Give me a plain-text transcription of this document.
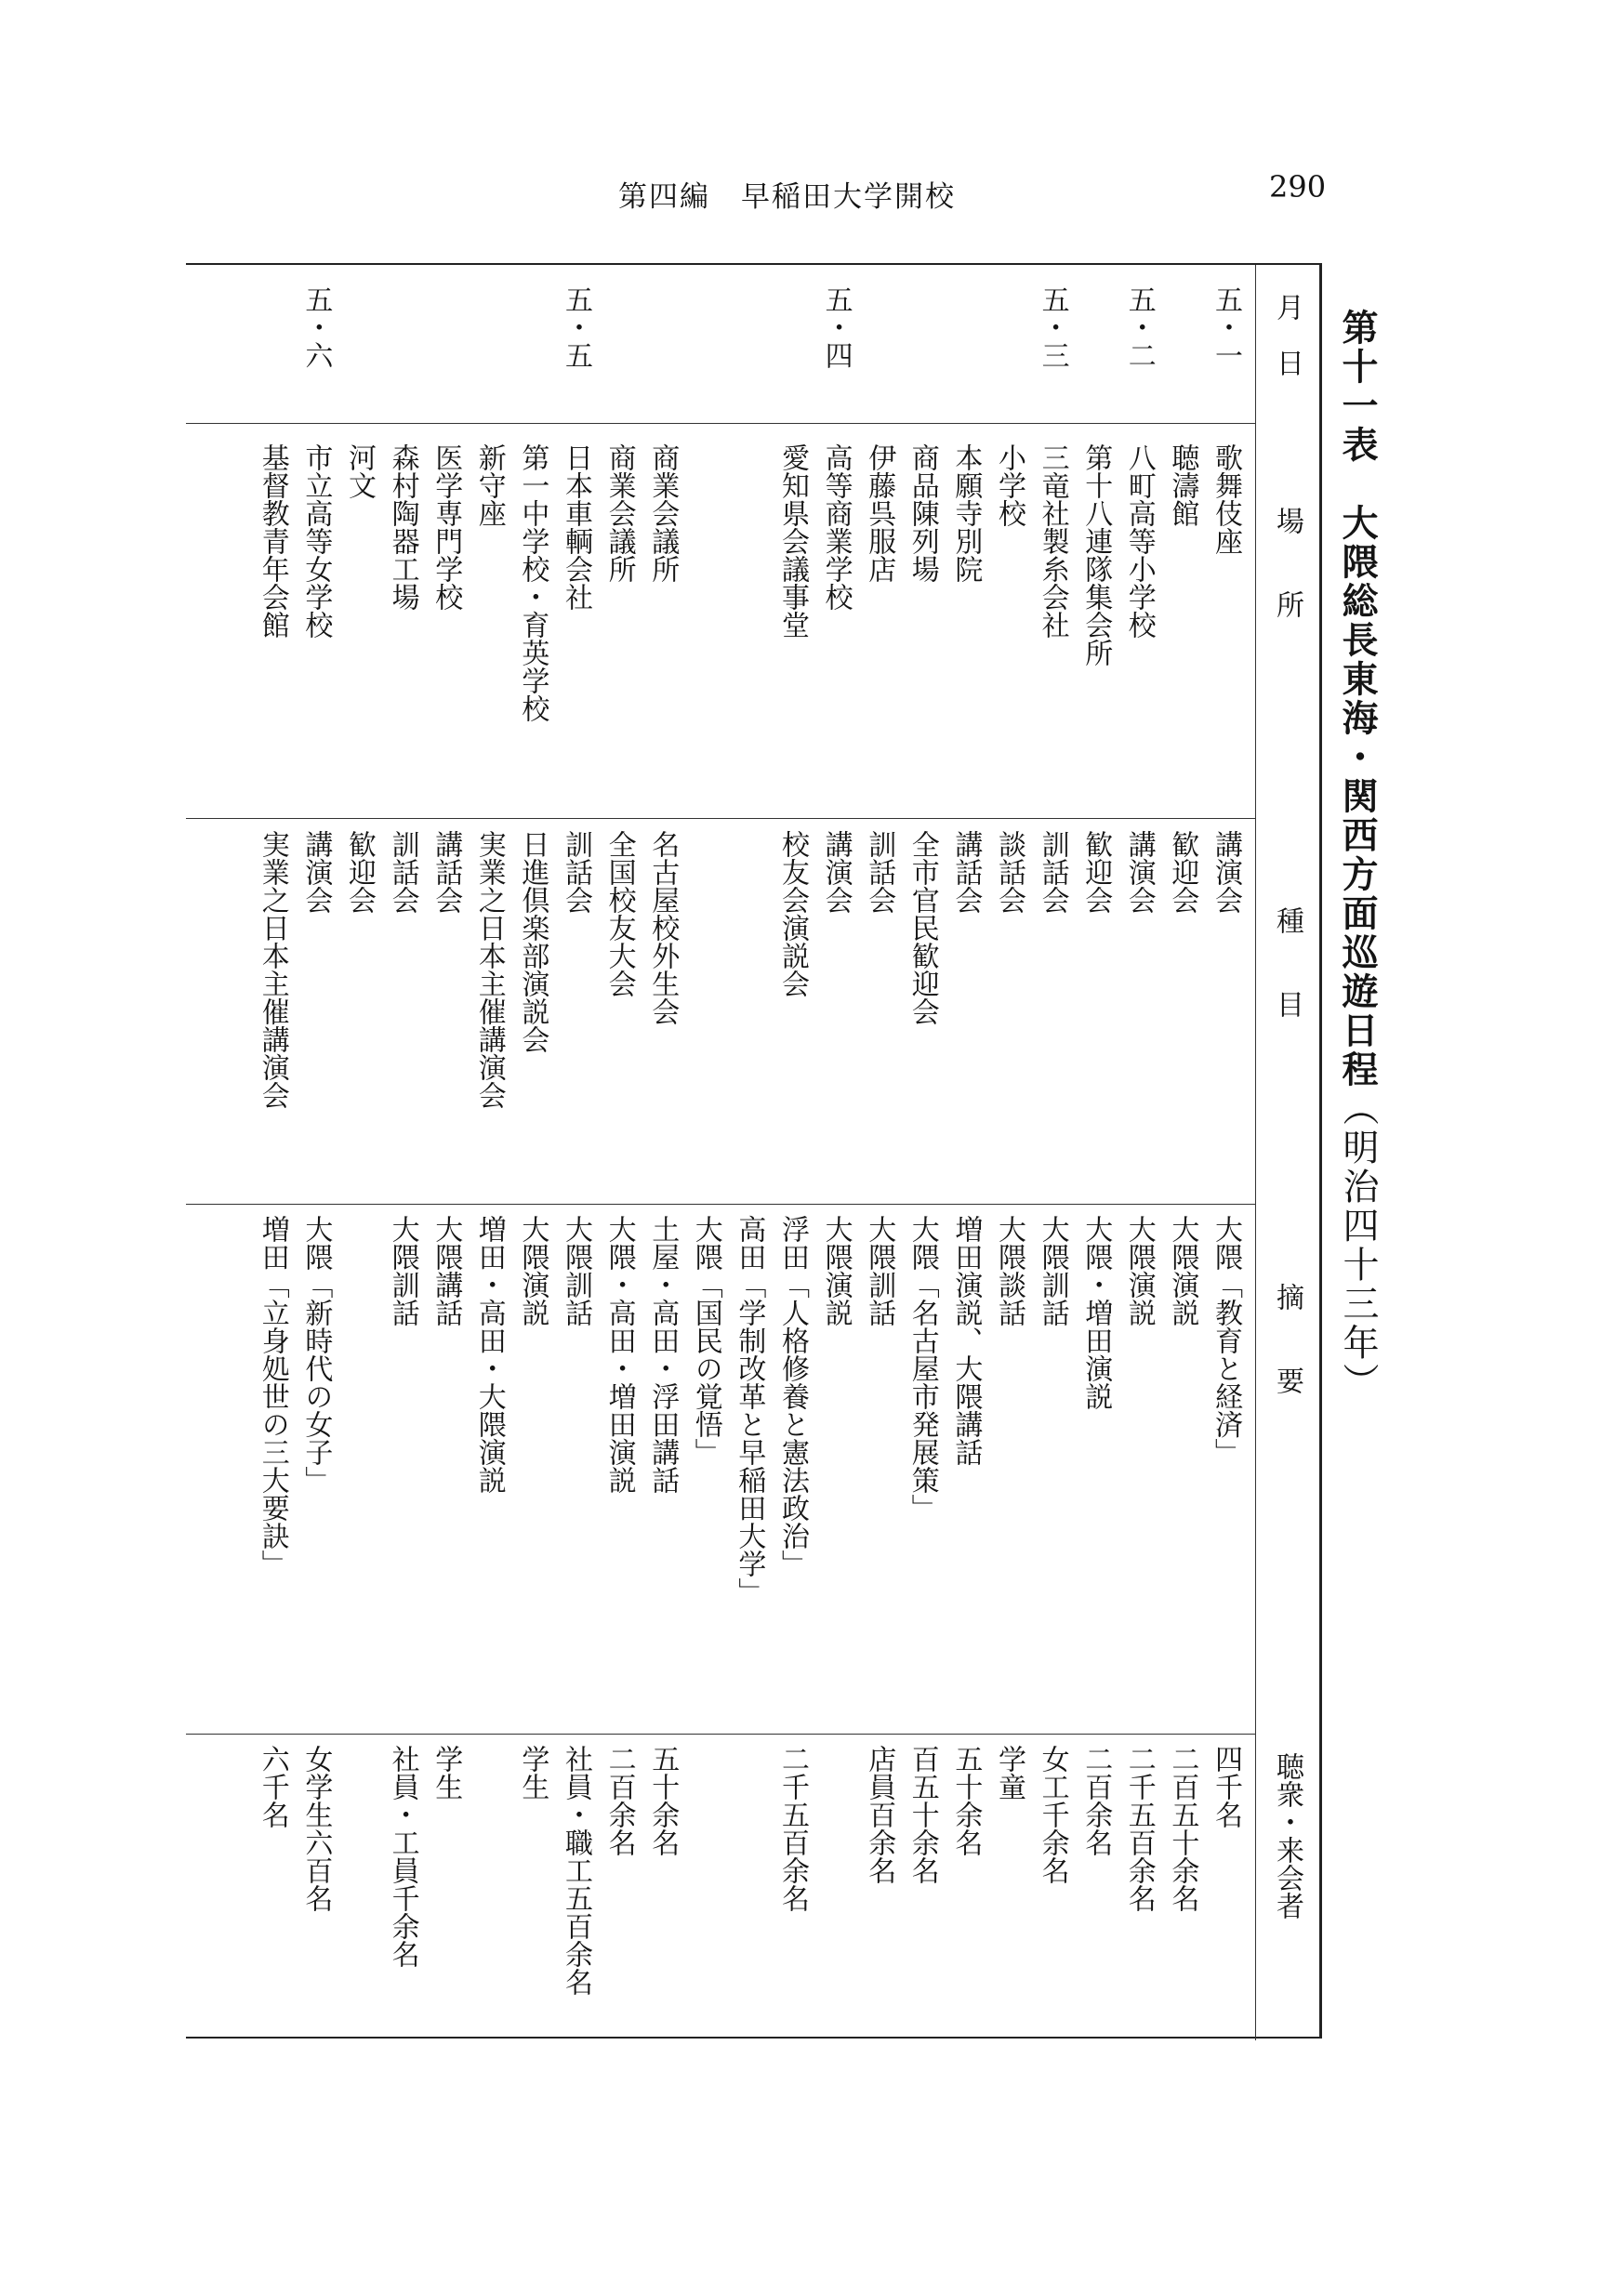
第四編　早稲田大学開校	290
第十一表　大隈総長東海・関西方面巡遊日程（明治四十三年）
月　日
場　　所
種　　目
摘　　要
聴衆・来会者
五・一
歌舞伎座
講演会
大隈「教育と経済」
四千名
聴濤館
歓迎会
大隈演説
二百五十余名
五・二
八町高等小学校
講演会
大隈演説
二千五百余名
第十八連隊集会所
歓迎会
大隈・増田演説
二百余名
五・三
三竜社製糸会社
訓話会
大隈訓話
女工千余名
小学校
談話会
大隈談話
学童
本願寺別院
講話会
増田演説、大隈講話
五十余名
商品陳列場
全市官民歓迎会
大隈「名古屋市発展策」
百五十余名
伊藤呉服店
訓話会
大隈訓話
店員百余名
五・四
高等商業学校
講演会
大隈演説
愛知県会議事堂
校友会演説会
浮田「人格修養と憲法政治」
二千五百余名
高田「学制改革と早稲田大学」
大隈「国民の覚悟」
商業会議所
名古屋校外生会
土屋・高田・浮田講話
五十余名
商業会議所
全国校友大会
大隈・高田・増田演説
二百余名
五・五
日本車輌会社
訓話会
大隈訓話
社員・職工五百余名
第一中学校・育英学校
日進倶楽部演説会
大隈演説
学生
新守座
実業之日本主催講演会
増田・高田・大隈演説
医学専門学校
講話会
大隈講話
学生
森村陶器工場
訓話会
大隈訓話
社員・工員千余名
河文
歓迎会
五・六
市立高等女学校
講演会
大隈「新時代の女子」
女学生六百名
基督教青年会館
実業之日本主催講演会
増田「立身処世の三大要訣」
六千名
